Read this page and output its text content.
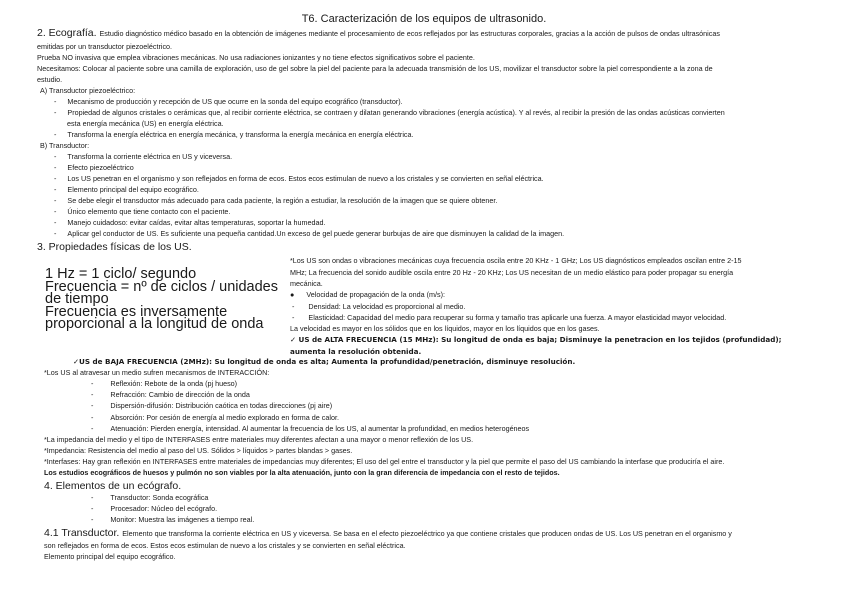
T6. Caracterización de los equipos de ultrasonido.
2. Ecografía. Estudio diagnóstico médico basado en la obtención de imágenes mediante el procesamiento de ecos reflejados por las estructuras corporales, gracias a la acción de pulsos de ondas ultrasónicas
emitidas por un transductor piezoeléctrico.
Prueba NO invasiva que emplea vibraciones mecánicas. No usa radiaciones ionizantes y no tiene efectos significativos sobre el paciente.
Necesitamos: Colocar al paciente sobre una camilla de exploración, uso de gel sobre la piel del paciente para la adecuada transmisión de los US, movilizar el transductor sobre la piel correspondiente a la zona de
estudio.
A) Transductor piezoeléctrico:
- Mecanismo de producción y recepción de US que ocurre en la sonda del equipo ecográfico (transductor).
- Propiedad de algunos cristales o cerámicas que, al recibir corriente eléctrica, se contraen y dilatan generando vibraciones (energía acústica). Y al revés, al recibir la presión de las ondas acústicas convierten
esta energía mecánica (US) en energía eléctrica.
- Transforma la energía eléctrica en energía mecánica, y transforma la energía mecánica en energía eléctrica.
B) Transductor:
- Transforma la corriente eléctrica en US y viceversa.
- Efecto piezoeléctrico
- Los US penetran en el organismo y son reflejados en forma de ecos. Estos ecos estimulan de nuevo a los cristales y se convierten en señal eléctrica.
- Elemento principal del equipo ecográfico.
- Se debe elegir el transductor más adecuado para cada paciente, la región a estudiar, la resolución de la imagen que se quiere obtener.
- Único elemento que tiene contacto con el paciente.
- Manejo cuidadoso: evitar caídas, evitar altas temperaturas, soportar la humedad.
- Aplicar gel conductor de US. Es suficiente una pequeña cantidad.Un exceso de gel puede generar burbujas de aire que disminuyen la calidad de la imagen.
3. Propiedades físicas de los US.
1 Hz = 1 ciclo/ segundo
Frecuencia = nº de ciclos / unidades
de tiempo
Frecuencia es inversamente
proporcional a la longitud de onda
*Los US son ondas o vibraciones mecánicas cuya frecuencia oscila entre 20 KHz - 1 GHz; Los US diagnósticos empleados oscilan entre 2-15
MHz; La frecuencia del sonido audible oscila entre 20 Hz - 20 KHz; Los US necesitan de un medio elástico para poder propagar su energía
mecánica.
● Velocidad de propagación de la onda (m/s):
- Densidad: La velocidad es proporcional al medio.
- Elasticidad: Capacidad del medio para recuperar su forma y tamaño tras aplicarle una fuerza. A mayor elasticidad mayor velocidad.
La velocidad es mayor en los sólidos que en los líquidos, mayor en los líquidos que en los gases.
✓ US de ALTA FRECUENCIA (15 MHz): Su longitud de onda es baja; Disminuye la penetracion en los tejidos (profundidad);
aumenta la resolución obtenida.
✓US de BAJA FRECUENCIA (2MHz): Su longitud de onda es alta; Aumenta la profundidad/penetración, disminuye resolución.
*Los US al atravesar un medio sufren mecanismos de INTERACCIÓN:
- Reflexión: Rebote de la onda (pj hueso)
- Refracción: Cambio de dirección de la onda
- Dispersión-difusión: Distribución caótica en todas direcciones (pj aire)
- Absorción: Por cesión de energía al medio explorado en forma de calor.
- Atenuación: Pierden energía, intensidad. Al aumentar la frecuencia de los US, al aumentar la profundidad, en medios heterogéneos
*La impedancia del medio y el tipo de INTERFASES entre materiales muy diferentes afectan a una mayor o menor reflexión de los US.
*Impedancia: Resistencia del medio al paso del US. Sólidos > líquidos > partes blandas > gases.
*Interfases: Hay gran reflexión en INTERFASES entre materiales de impedancias muy diferentes; El uso del gel entre el transductor y la piel que permite el paso del US cambiando la interfase que produciría el aire.
Los estudios ecográficos de huesos y pulmón no son viables por la alta atenuación, junto con la gran diferencia de impedancia con el resto de tejidos.
4. Elementos de un ecógrafo.
- Transductor: Sonda ecográfica
- Procesador: Núcleo del ecógrafo.
- Monitor: Muestra las imágenes a tiempo real.
4.1 Transductor. Elemento que transforma la corriente eléctrica en US y viceversa. Se basa en el efecto piezoeléctrico ya que contiene cristales que producen ondas de US. Los US penetran en el organismo y
son reflejados en forma de ecos. Estos ecos estimulan de nuevo a los cristales y se convierten en señal eléctrica.
Elemento principal del equipo ecográfico.
